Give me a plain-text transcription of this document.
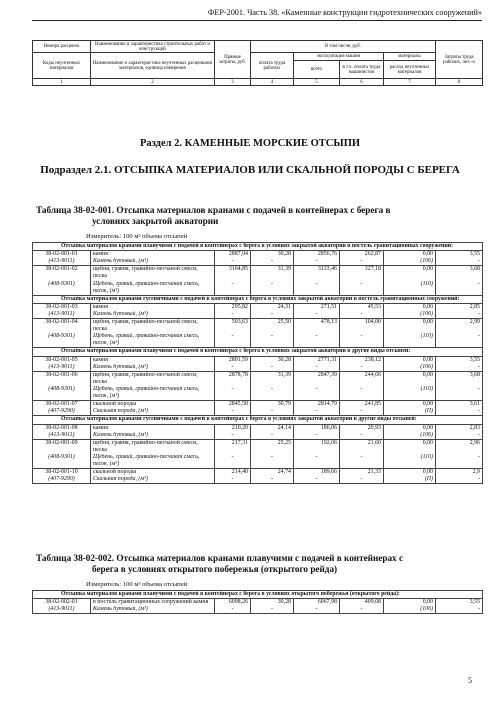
ФЕР-2001. Часть 38. «Каменные конструкции гидротехнических сооружений»
Номера расценок	Наименование и характеристика строительных работ и конструкций	Прямые затраты, руб.	В том числе, руб.				Затраты труда рабочих, чел.-ч
Коды неучтенных материалов	Наименование и характеристика неучтенных расценками материалов, единица измерения		оплата труда рабочих	эксплуатация машин		материалы	
				всего	в т.ч. оплата труда машинистов	расход неучтенных материалов	
1	2	3	4	5	6	7	8
Раздел 2. КАМЕННЫЕ МОРСКИЕ ОТСЫПИ
Подраздел 2.1. ОТСЫПКА МАТЕРИАЛОВ ИЛИ СКАЛЬНОЙ ПОРОДЫ С БЕРЕГА
Таблица 38-02-001. Отсыпка материалов кранами с подачей в контейнерах с берега в
условиях закрытой акватории
Измеритель: 100 м³ объема отсыпей
Отсыпка материалов кранами плавучими с подачей в контейнерах с берега в условиях закрытой акватории в постель гравитационных сооружений:							
38-02-001-01	камня	2887,04	30,28	2856,76	262,87	0,00	3,55
(413-9011)	Камень бутовый, (м³)	-	-	-	-	(106)	-
38-02-001-02	щебня, гравия, гравийно-песчаной смеси, песка	3164,85	31,39	3133,46	327,18	0,00	3,68
(408-9301)	Щебень, гравий, гравийно-песчаная смесь, песок, (м³)	-	-	-	-	(110)	-
Отсыпка материалов кранами гусеничными с подачей в контейнерах с берега в условиях закрытой акватории в постель гравитационных сооружений:							
38-02-001-03	камня	295,82	24,31	271,51	45,53	0,00	2,85
(413-9011)	Камень бутовый, (м³)	-	-	-	-	(106)	-
38-02-001-04	щебня, гравия, гравийно-песчаной смеси, песка	503,63	25,50	478,13	104,00	0,00	2,99
(408-9301)	Щебень, гравий, гравийно-песчаная смесь, песок, (м³)	-	-	-	-	(110)	-
Отсыпка материалов кранами плавучими с подачей в контейнерах с берега в условиях закрытой акватории в другие виды отсыпей:							
38-02-001-05	камня	2801,59	30,28	2771,31	238,12	0,00	3,55
(413-9011)	Камень бутовый, (м³)	-	-	-	-	(106)	-
38-02-001-06	щебня, гравия, гравийно-песчаной смеси, песка	2878,78	31,39	2847,39	244,66	0,00	3,68
(408-9301)	Щебень, гравий, гравийно-песчаная смесь, песок, (м³)	-	-	-	-	(110)	-
38-02-001-07	скальной породы	2845,58	30,79	2814,79	241,85	0,00	3,61
(407-9290)	Скальная порода, (м³)	-	-	-	-	(П)	-
Отсыпка материалов кранами гусеничными с подачей в контейнерах с берега в условиях закрытой акватории в другие виды отсыпей:							
38-02-001-08	камня	210,20	24,14	186,06	20,93	0,00	2,83
(413-9011)	Камень бутовый, (м³)	-	-	-	-	(106)	-
38-02-001-09	щебня, гравия, гравийно-песчаной смеси, песка	217,31	25,25	192,06	21,60	0,00	2,96
(408-9301)	Щебень, гравий, гравийно-песчаная смесь, песок, (м³)	-	-	-	-	(110)	-
38-02-001-10	скальной породы	214,40	24,74	189,66	21,33	0,00	2,9
(407-9290)	Скальная порода, (м³)	-	-	-	-	(П)	-
Таблица 38-02-002. Отсыпка материалов кранами плавучими с подачей в контейнерах с
берега в условиях открытого побережья (открытого рейда)
Измеритель: 100 м³ объема отсыпей
Отсыпка материалов кранами плавучими с подачей в контейнерах с берега в условиях открытого побережья (открытого рейда):							
38-02-002-01	в постель гравитационных сооружений камня	6098,26	30,28	6067,98	409,08	0,00	3,55
(413-9011)	Камень бутовый, (м³)	-	-	-	-	(106)	-
5
